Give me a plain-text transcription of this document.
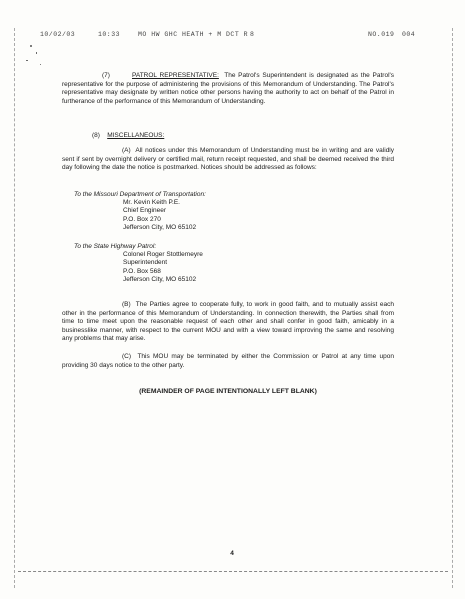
10/02/03	10:33	MO HW GHC HEATH + M DCT R 8	NO.019 004
(7)	PATROL REPRESENTATIVE: The Patrol's Superintendent is designated as the Patrol's representative for the purpose of administering the provisions of this Memorandum of Understanding. The Patrol's representative may designate by written notice other persons having the authority to act on behalf of the Patrol in furtherance of the performance of this Memorandum of Understanding.
(8) MISCELLANEOUS:
(A) All notices under this Memorandum of Understanding must be in writing and are validly sent if sent by overnight delivery or certified mail, return receipt requested, and shall be deemed received the third day following the date the notice is postmarked. Notices should be addressed as follows:
To the Missouri Department of Transportation:
Mr. Kevin Keith P.E.
Chief Engineer
P.O. Box 270
Jefferson City, MO 65102
To the State Highway Patrol:
Colonel Roger Stottlemeyre
Superintendent
P.O. Box 568
Jefferson City, MO 65102
(B) The Parties agree to cooperate fully, to work in good faith, and to mutually assist each other in the performance of this Memorandum of Understanding. In connection therewith, the Parties shall from time to time meet upon the reasonable request of each other and shall confer in good faith, amicably in a businesslike manner, with respect to the current MOU and with a view toward improving the same and resolving any problems that may arise.
(C) This MOU may be terminated by either the Commission or Patrol at any time upon providing 30 days notice to the other party.
(REMAINDER OF PAGE INTENTIONALLY LEFT BLANK)
4
